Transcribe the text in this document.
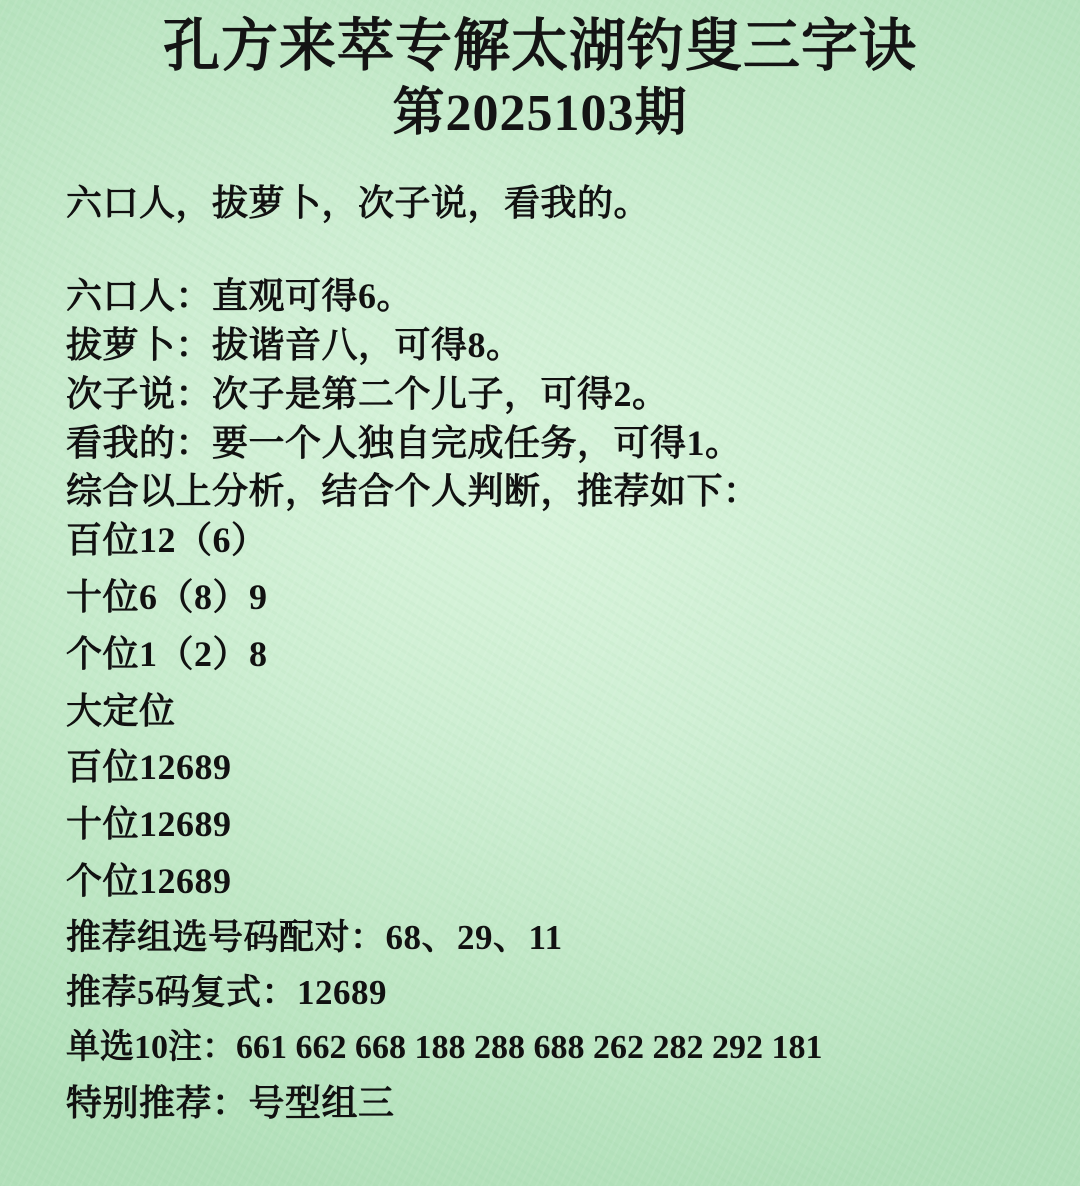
孔方来萃专解太湖钓叟三字诀
第2025103期

六口人，拔萝卜，次子说，看我的。

六口人：直观可得6。

拔萝卜：拔谐音八，可得8。

次子说：次子是第二个儿子，可得2。

看我的：要一个人独自完成任务，可得1。

综合以上分析，结合个人判断，推荐如下：

百位12（6）

十位6（8）9

个位1（2）8

大定位

百位12689

十位12689

个位12689

推荐组选号码配对：68、29、11

推荐5码复式：12689

单选10注：661 662 668 188 288 688 262 282 292 181

特别推荐：号型组三
